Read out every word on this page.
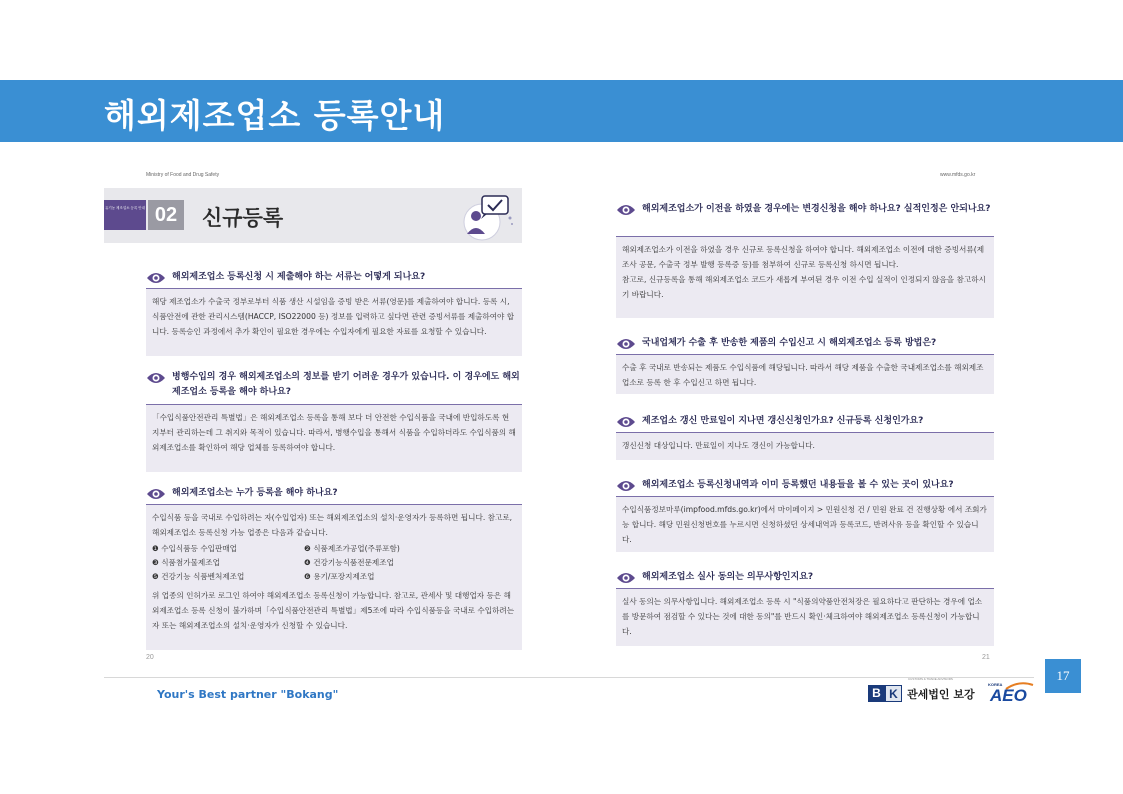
해외제조업소 등록안내
Ministry of Food and Drug Safety	www.mfds.go.kr
유기농 제조업소 등록 안내 02	신규등록
해외제조업소 등록신청 시 제출해야 하는 서류는 어떻게 되나요?

해당 제조업소가 수출국 정부로부터 식품 생산 시설임을 증빙 받은 서류(영문)를 제출하여야 합니다. 등록 시, 식품안전에 관한 관리시스템(HACCP, ISO22000 등) 정보를 입력하고 싶다면 관련 증빙서류를 제출하여야 합니다. 등록승인 과정에서 추가 확인이 필요한 경우에는 수입자에게 필요한 자료를 요청할 수 있습니다.

병행수입의 경우 해외제조업소의 정보를 받기 어려운 경우가 있습니다. 이 경우에도 해외제조업소 등록을 해야 하나요?

「수입식품안전관리 특별법」은 해외제조업소 등록을 통해 보다 더 안전한 수입식품을 국내에 반입하도록 현지부터 관리하는데 그 취지와 목적이 있습니다. 따라서, 병행수입을 통해서 식품을 수입하더라도 수입식품의 해외제조업소를 확인하여 해당 업체를 등록하여야 합니다.

해외제조업소는 누가 등록을 해야 하나요?

수입식품 등을 국내로 수입하려는 자(수입업자) 또는 해외제조업소의 설치·운영자가 등록하면 됩니다. 참고로, 해외제조업소 등록신청 가능 업종은 다음과 같습니다.

❶ 수입식품등 수입판매업	❷ 식품제조가공업(주류포함)
❸ 식품첨가물제조업	❹ 건강기능식품전문제조업
❺ 건강기능 식품벤처제조업	❻ 용기/포장지제조업

위 업종의 인허가로 로그인 하여야 해외제조업소 등록신청이 가능합니다. 참고로, 관세사 및 대행업자 등은 해외제조업소 등록 신청이 불가하며「수입식품안전관리 특별법」제5조에 따라 수입식품등을 국내로 수입하려는 자 또는 해외제조업소의 설치·운영자가 신청할 수 있습니다.

20
해외제조업소가 이전을 하였을 경우에는 변경신청을 해야 하나요? 실적인정은 안되나요?

해외제조업소가 이전을 하였을 경우 신규로 등록신청을 하여야 합니다. 해외제조업소 이전에 대한 증빙서류(제조사 공문, 수출국 정부 발행 등록증 등)를 첨부하여 신규로 등록신청 하시면 됩니다.

참고로, 신규등록을 통해 해외제조업소 코드가 새롭게 부여된 경우 이전 수입 실적이 인정되지 않음을 참고하시기 바랍니다.

국내업체가 수출 후 반송한 제품의 수입신고 시 해외제조업소 등록 방법은?

수출 후 국내로 반송되는 제품도 수입식품에 해당됩니다. 따라서 해당 제품을 수출한 국내제조업소를 해외제조업소로 등록 한 후 수입신고 하면 됩니다.

제조업소 갱신 만료일이 지나면 갱신신청인가요? 신규등록 신청인가요?

갱신신청 대상입니다. 만료일이 지나도 갱신이 가능합니다.

해외제조업소 등록신청내역과 이미 등록했던 내용들을 볼 수 있는 곳이 있나요?

수입식품정보마루(impfood.mfds.go.kr)에서 마이페이지 > 민원신청 건 / 민원 완료 건 진행상황 에서 조회가능 합니다. 해당 민원신청번호를 누르시면 신청하셨던 상세내역과 등록코드, 반려사유 등을 확인할 수 있습니다.

해외제조업소 실사 동의는 의무사항인지요?

실사 동의는 의무사항입니다. 해외제조업소 등록 시 "식품의약품안전처장은 필요하다고 판단하는 경우에 업소를 방문하여 점검할 수 있다는 것에 대한 동의"를 반드시 확인·체크하여야 해외제조업소 등록신청이 가능합니다.

21
17
Your's Best partner "Bokang"	B K
CUSTOMS & TRADE ADVISORS
관세법인 보강
KOREA
AEO
